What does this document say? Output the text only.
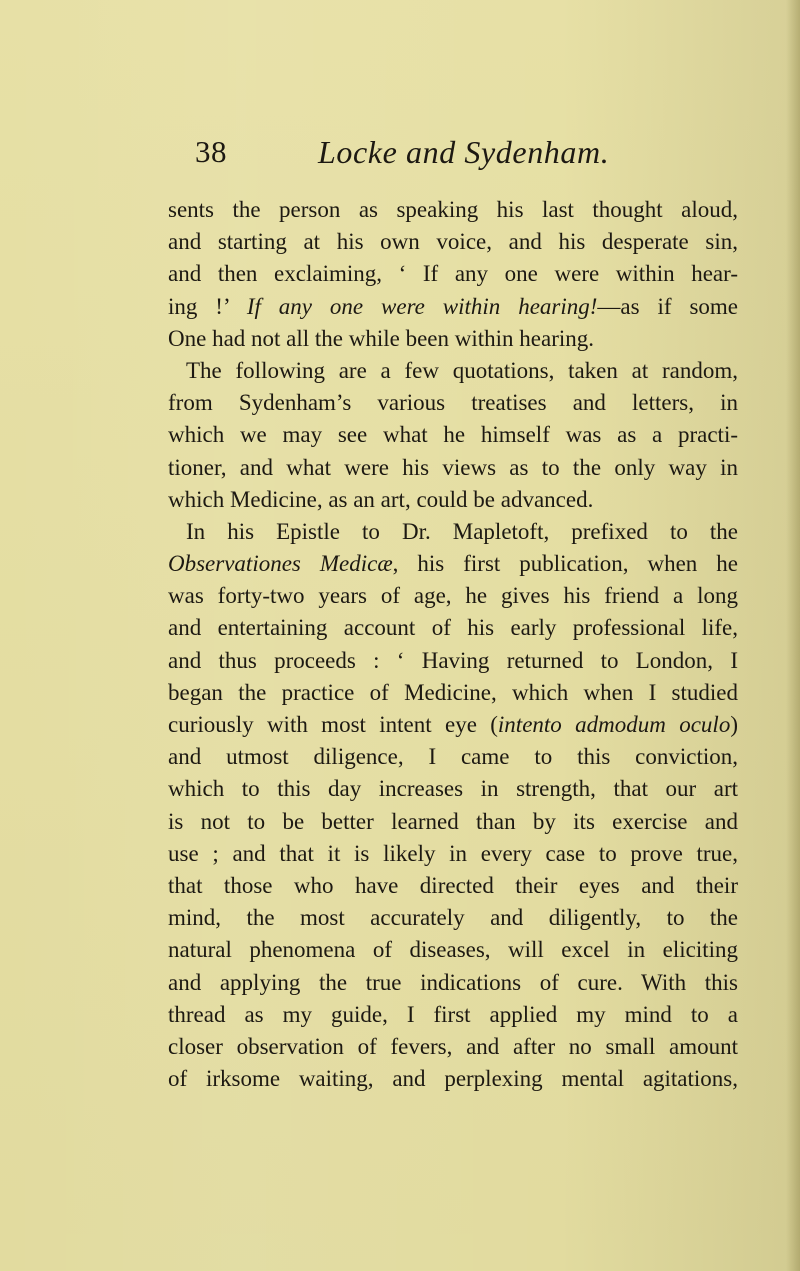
38	Locke and Sydenham.
sents the person as speaking his last thought aloud,
and starting at his own voice, and his desperate sin,
and then exclaiming, ‘ If any one were within hear-
ing !’ If any one were within hearing!—as if some
One had not all the while been within hearing.
The following are a few quotations, taken at random,
from Sydenham’s various treatises and letters, in
which we may see what he himself was as a practi-
tioner, and what were his views as to the only way in
which Medicine, as an art, could be advanced.
In his Epistle to Dr. Mapletoft, prefixed to the
Observationes Medicæ, his first publication, when he
was forty-two years of age, he gives his friend a long
and entertaining account of his early professional life,
and thus proceeds : ‘ Having returned to London, I
began the practice of Medicine, which when I studied
curiously with most intent eye (intento admodum oculo)
and utmost diligence, I came to this conviction,
which to this day increases in strength, that our art
is not to be better learned than by its exercise and
use ; and that it is likely in every case to prove true,
that those who have directed their eyes and their
mind, the most accurately and diligently, to the
natural phenomena of diseases, will excel in eliciting
and applying the true indications of cure. With this
thread as my guide, I first applied my mind to a
closer observation of fevers, and after no small amount
of irksome waiting, and perplexing mental agitations,
